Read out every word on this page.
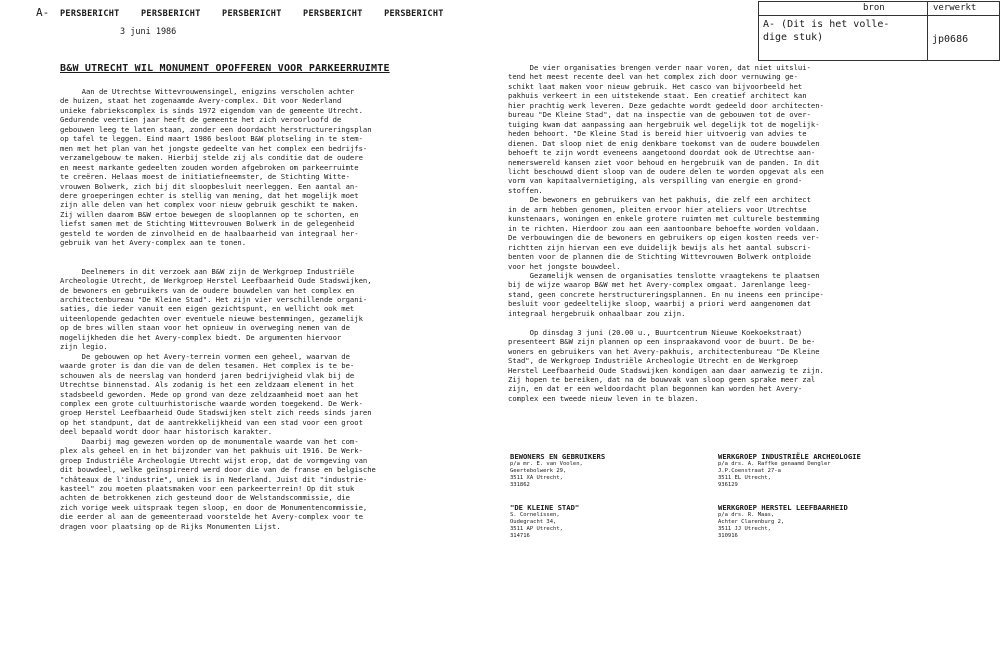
A- PERSBERICHT	PERSBERICHT	PERSBERICHT	PERSBERICHT	PERSBERICHT
3 juni 1986
bron	verwerkt
A- (Dit is het volle-
dige stuk)	jp0686
B&W UTRECHT WIL MONUMENT OPOFFEREN VOOR PARKEERRUIMTE
Aan de Utrechtse Wittevrouwensingel, enigzins verscholen achter
de huizen, staat het zogenaamde Avery-complex. Dit voor Nederland
unieke fabriekscomplex is sinds 1972 eigendom van de gemeente Utrecht.
Gedurende veertien jaar heeft de gemeente het zich veroorloofd de
gebouwen leeg te laten staan, zonder een doordacht herstructureringsplan
op tafel te leggen. Eind maart 1986 besloot B&W plotseling in te stem-
men met het plan van het jongste gedeelte van het complex een bedrijfs-
verzamelgebouw te maken. Hierbij stelde zij als conditie dat de oudere
en meest markante gedeelten zouden worden afgebroken om parkeerruimte
te creëren. Helaas moest de initiatiefneemster, de Stichting Witte-
vrouwen Bolwerk, zich bij dit sloopbesluit neerleggen. Een aantal an-
dere groeperingen echter is stellig van mening, dat het mogelijk moet
zijn alle delen van het complex voor nieuw gebruik geschikt te maken.
Zij willen daarom B&W ertoe bewegen de slooplannen op te schorten, en
liefst samen met de Stichting Wittevrouwen Bolwerk in de gelegenheid
gesteld te worden de zinvolheid en de haalbaarheid van integraal her-
gebruik van het Avery-complex aan te tonen.

Deelnemers in dit verzoek aan B&W zijn de Werkgroep Industriële
Archeologie Utrecht, de Werkgroep Herstel Leefbaarheid Oude Stadswijken,
de bewoners en gebruikers van de oudere bouwdelen van het complex en
architectenbureau "De Kleine Stad". Het zijn vier verschillende organi-
saties, die ieder vanuit een eigen gezichtspunt, en wellicht ook met
uiteenlopende gedachten over eventuele nieuwe bestemmingen, gezamelijk
op de bres willen staan voor het opnieuw in overweging nemen van de
mogelijkheden die het Avery-complex biedt. De argumenten hiervoor
zijn legio.
De gebouwen op het Avery-terrein vormen een geheel, waarvan de
waarde groter is dan die van de delen tesamen. Het complex is te be-
schouwen als de neerslag van honderd jaren bedrijvigheid vlak bij de
Utrechtse binnenstad. Als zodanig is het een zeldzaam element in het
stadsbeeld geworden. Mede op grond van deze zeldzaamheid moet aan het
complex een grote cultuurhistorische waarde worden toegekend. De Werk-
groep Herstel Leefbaarheid Oude Stadswijken stelt zich reeds sinds jaren
op het standpunt, dat de aantrekkelijkheid van een stad voor een groot
deel bepaald wordt door haar historisch karakter.
Daarbij mag gewezen worden op de monumentale waarde van het com-
plex als geheel en in het bijzonder van het pakhuis uit 1916. De Werk-
groep Industriële Archeologie Utrecht wijst erop, dat de vormgeving van
dit bouwdeel, welke geïnspireerd werd door die van de franse en belgische
"châteaux de l'industrie", uniek is in Nederland. Juist dit "industrie-
kasteel" zou moeten plaatsmaken voor een parkeerterrein! Op dit stuk
achten de betrokkenen zich gesteund door de Welstandscommissie, die
zich vorige week uitspraak tegen sloop, en door de Monumentencommissie,
die eerder al aan de gemeenteraad voorstelde het Avery-complex voor te
dragen voor plaatsing op de Rijks Monumenten Lijst.
De vier organisaties brengen verder naar voren, dat niet uitslui-
tend het meest recente deel van het complex zich door vernuwing ge-
schikt laat maken voor nieuw gebruik. Het casco van bijvoorbeeld het
pakhuis verkeert in een uitstekende staat. Een creatief architect kan
hier prachtig werk leveren. Deze gedachte wordt gedeeld door architecten-
bureau "De Kleine Stad", dat na inspectie van de gebouwen tot de over-
tuiging kwam dat aanpassing aan hergebruik wel degelijk tot de mogelijk-
heden behoort. "De Kleine Stad is bereid hier uitvoerig van advies te
dienen. Dat sloop niet de enig denkbare toekomst van de oudere bouwdelen
behoeft te zijn wordt eveneens aangetoond doordat ook de Utrechtse aan-
nemerswereld kansen ziet voor behoud en hergebruik van de panden. In dit
licht beschouwd dient sloop van de oudere delen te worden opgevat als een
vorm van kapitaalvernietiging, als verspilling van energie en grond-
stoffen.
De bewoners en gebruikers van het pakhuis, die zelf een architect
in de arm hebben genomen, pleiten ervoor hier ateliers voor Utrechtse
kunstenaars, woningen en enkele grotere ruimten met culturele bestemming
in te richten. Hierdoor zou aan een aantoonbare behoefte worden voldaan.
De verbouwingen die de bewoners en gebruikers op eigen kosten reeds ver-
richtten zijn hiervan een eve duidelijk bewijs als het aantal subscri-
benten voor de plannen die de Stichting Wittevrouwen Bolwerk ontploide
voor het jongste bouwdeel.
Gezamelijk wensen de organisaties tenslotte vraagtekens te plaatsen
bij de wijze waarop B&W met het Avery-complex omgaat. Jarenlange leeg-
stand, geen concrete herstructureringsplannen. En nu ineens een principe-
besluit voor gedeeltelijke sloop, waarbij a priori werd aangenomen dat
integraal hergebruik onhaalbaar zou zijn.

Op dinsdag 3 juni (20.00 u., Buurtcentrum Nieuwe Koekoekstraat)
presenteert B&W zijn plannen op een inspraakavond voor de buurt. De be-
woners en gebruikers van het Avery-pakhuis, architectenbureau "De Kleine
Stad", de Werkgroep Industriële Archeologie Utrecht en de Werkgroep
Herstel Leefbaarheid Oude Stadswijken kondigen aan daar aanwezig te zijn.
Zij hopen te bereiken, dat na de bouwvak van sloop geen sprake meer zal
zijn, en dat er een weldoordacht plan begonnen kan worden het Avery-
complex een tweede nieuw leven in te blazen.
BEWONERS EN GEBRUIKERS
p/a mr. E. van Voolen,
Geertebolwerk 29,
3511 XA Utrecht,
331862
WERKGROEP INDUSTRIËLE ARCHEOLOGIE
p/a drs. A. Raffke genaamd Dengler
J.P.Coenstraat 27-a
3511 EL Utrecht,
936129
"DE KLEINE STAD"
S. Cornelissen,
Oudegracht 34,
3511 AP Utrecht,
314716
WERKGROEP HERSTEL LEEFBAARHEID
p/a drs. R. Maas,
Achter Clarenburg 2,
3511 JJ Utrecht,
310916
